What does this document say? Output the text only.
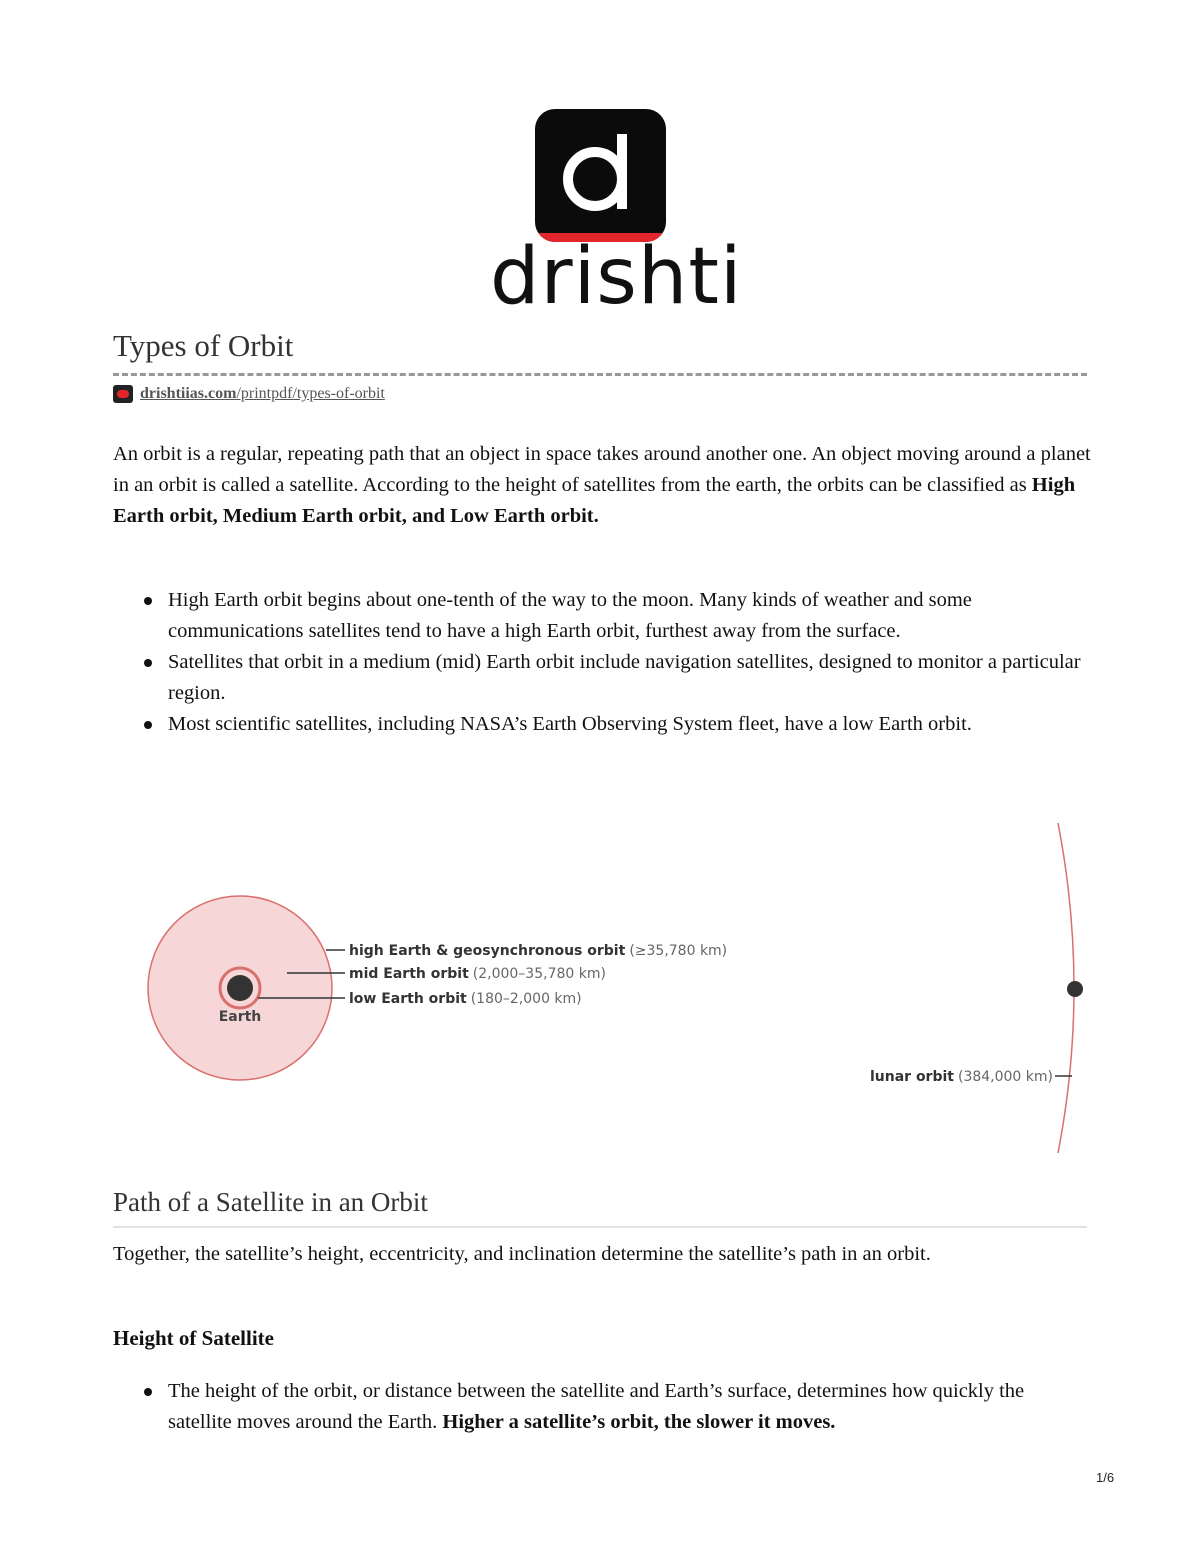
drishti
Types of Orbit
drishtiias.com/printpdf/types-of-orbit

An orbit is a regular, repeating path that an object in space takes around another one. An object moving around a planet in an orbit is called a satellite. According to the height of satellites from the earth, the orbits can be classified as High Earth orbit, Medium Earth orbit, and Low Earth orbit.

High Earth orbit begins about one-tenth of the way to the moon. Many kinds of weather and some communications satellites tend to have a high Earth orbit, furthest away from the surface.
Satellites that orbit in a medium (mid) Earth orbit include navigation satellites, designed to monitor a particular region.
Most scientific satellites, including NASA’s Earth Observing System fleet, have a low Earth orbit.
Earth
high Earth & geosynchronous orbit (≥35,780 km)
mid Earth orbit (2,000–35,780 km)
low Earth orbit (180–2,000 km)
lunar orbit (384,000 km)
Path of a Satellite in an Orbit

Together, the satellite’s height, eccentricity, and inclination determine the satellite’s path in an orbit.

Height of Satellite
The height of the orbit, or distance between the satellite and Earth’s surface, determines how quickly the satellite moves around the Earth. Higher a satellite’s orbit, the slower it moves.
1/6
